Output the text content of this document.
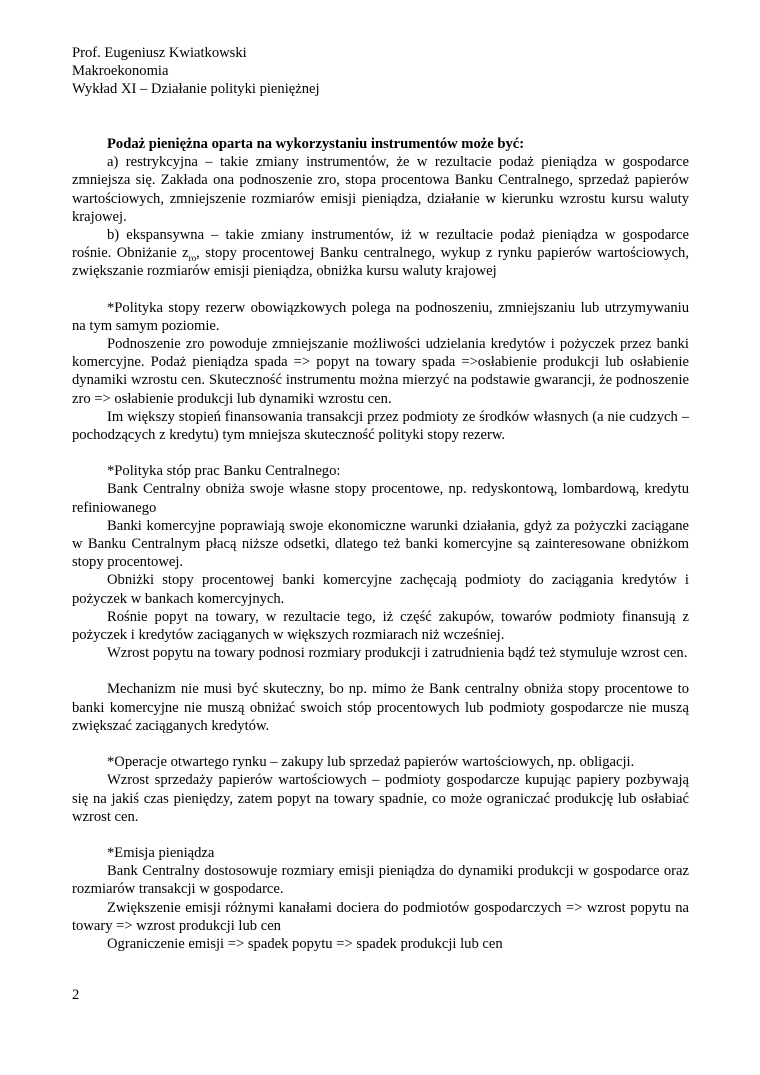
Prof. Eugeniusz Kwiatkowski
Makroekonomia
Wykład XI – Działanie polityki pieniężnej

Podaż pieniężna oparta na wykorzystaniu instrumentów może być:

a) restrykcyjna – takie zmiany instrumentów, że w rezultacie podaż pieniądza w gospodarce zmniejsza się. Zakłada ona podnoszenie zro, stopa procentowa Banku Centralnego, sprzedaż papierów wartościowych, zmniejszenie rozmiarów emisji pieniądza, działanie w kierunku wzrostu kursu waluty krajowej.

b) ekspansywna – takie zmiany instrumentów, iż w rezultacie podaż pieniądza w gospodarce rośnie. Obniżanie $z_{ro}$, stopy procentowej Banku centralnego, wykup z rynku papierów wartościowych, zwiększanie rozmiarów emisji pieniądza, obniżka kursu waluty krajowej

*Polityka stopy rezerw obowiązkowych polega na podnoszeniu, zmniejszaniu lub utrzymywaniu na tym samym poziomie.

Podnoszenie zro powoduje zmniejszanie możliwości udzielania kredytów i pożyczek przez banki komercyjne. Podaż pieniądza spada => popyt na towary spada =>osłabienie produkcji lub osłabienie dynamiki wzrostu cen. Skuteczność instrumentu można mierzyć na podstawie gwarancji, że podnoszenie zro => osłabienie produkcji lub dynamiki wzrostu cen.

Im większy stopień finansowania transakcji przez podmioty ze środków własnych (a nie cudzych – pochodzących z kredytu) tym mniejsza skuteczność polityki stopy rezerw.

*Polityka stóp prac Banku Centralnego:

Bank Centralny obniża swoje własne stopy procentowe, np. redyskontową, lombardową, kredytu refiniowanego

Banki komercyjne poprawiają swoje ekonomiczne warunki działania, gdyż za pożyczki zaciągane w Banku Centralnym płacą niższe odsetki, dlatego też banki komercyjne są zainteresowane obniżkom stopy procentowej.

Obniżki stopy procentowej banki komercyjne zachęcają podmioty do zaciągania kredytów i pożyczek w bankach komercyjnych.

Rośnie popyt na towary, w rezultacie tego, iż część zakupów, towarów podmioty finansują z pożyczek i kredytów zaciąganych w większych rozmiarach niż wcześniej.

Wzrost popytu na towary podnosi rozmiary produkcji i zatrudnienia bądź też stymuluje wzrost cen.

Mechanizm nie musi być skuteczny, bo np. mimo że Bank centralny obniża stopy procentowe to banki komercyjne nie muszą obniżać swoich stóp procentowych lub podmioty gospodarcze nie muszą zwiększać zaciąganych kredytów.

*Operacje otwartego rynku – zakupy lub sprzedaż papierów wartościowych, np. obligacji.

Wzrost sprzedaży papierów wartościowych – podmioty gospodarcze kupując papiery pozbywają się na jakiś czas pieniędzy, zatem popyt na towary spadnie, co może ograniczać produkcję lub osłabiać wzrost cen.

*Emisja pieniądza

Bank Centralny dostosowuje rozmiary emisji pieniądza do dynamiki produkcji w gospodarce oraz rozmiarów transakcji w gospodarce.

Zwiększenie emisji różnymi kanałami dociera do podmiotów gospodarczych => wzrost popytu na towary => wzrost produkcji lub cen

Ograniczenie emisji => spadek popytu => spadek produkcji lub cen

2
